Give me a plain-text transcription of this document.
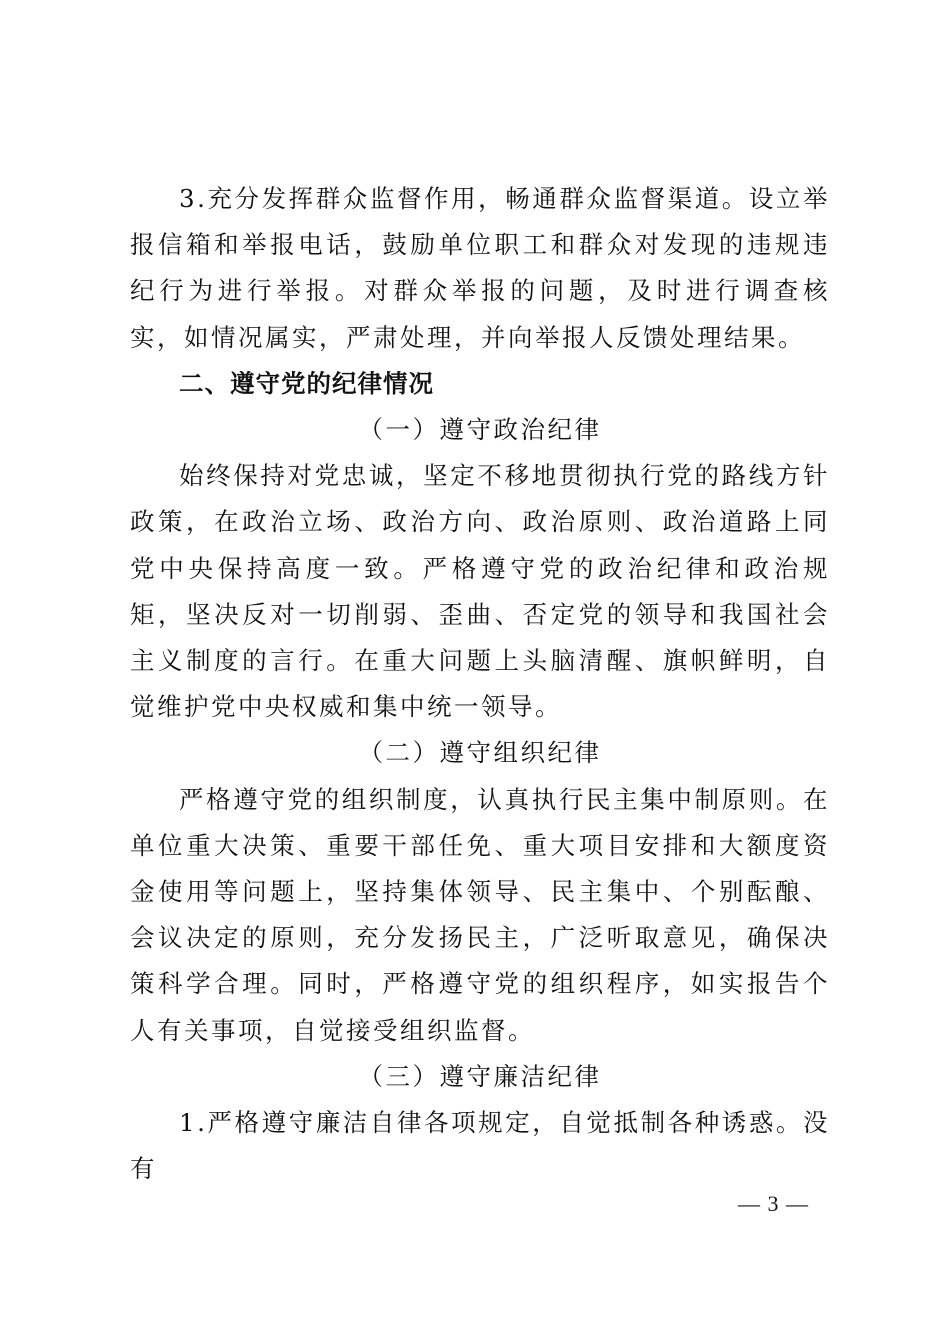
3.充分发挥群众监督作用，畅通群众监督渠道。设立举报信箱和举报电话，鼓励单位职工和群众对发现的违规违纪行为进行举报。对群众举报的问题，及时进行调查核实，如情况属实，严肃处理，并向举报人反馈处理结果。

二、遵守党的纪律情况

（一）遵守政治纪律

始终保持对党忠诚，坚定不移地贯彻执行党的路线方针政策，在政治立场、政治方向、政治原则、政治道路上同党中央保持高度一致。严格遵守党的政治纪律和政治规矩，坚决反对一切削弱、歪曲、否定党的领导和我国社会主义制度的言行。在重大问题上头脑清醒、旗帜鲜明，自觉维护党中央权威和集中统一领导。

（二）遵守组织纪律

严格遵守党的组织制度，认真执行民主集中制原则。在单位重大决策、重要干部任免、重大项目安排和大额度资金使用等问题上，坚持集体领导、民主集中、个别酝酿、会议决定的原则，充分发扬民主，广泛听取意见，确保决策科学合理。同时，严格遵守党的组织程序，如实报告个人有关事项，自觉接受组织监督。

（三）遵守廉洁纪律

1.严格遵守廉洁自律各项规定，自觉抵制各种诱惑。没有

— 3 —
